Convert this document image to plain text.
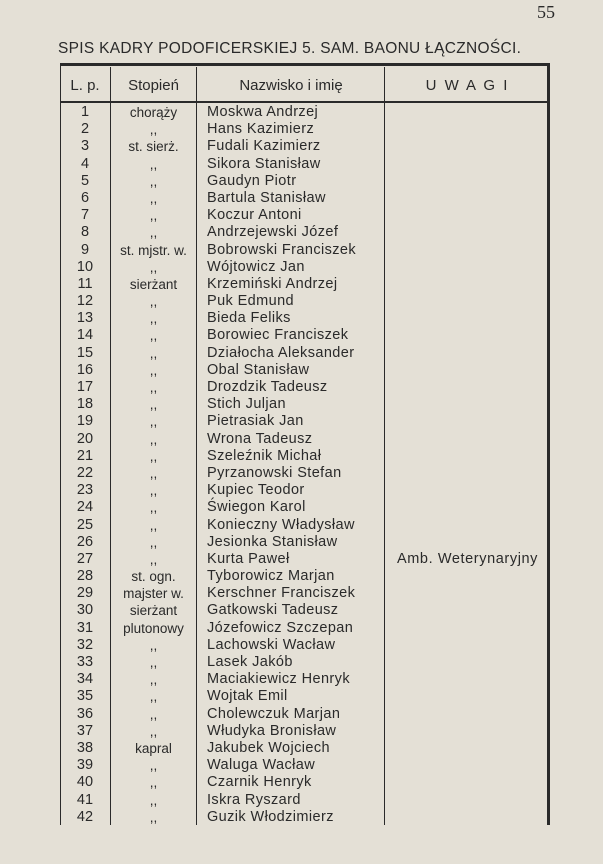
55
SPIS KADRY PODOFICERSKIEJ 5. SAM. BAONU ŁĄCZNOŚCI.
L. p.	Stopień	Nazwisko i imię	U W A G I
1	chorąży	Moskwa Andrzej
2	,,	Hans Kazimierz
3	st. sierż.	Fudali Kazimierz
4	,,	Sikora Stanisław
5	,,	Gaudyn Piotr
6	,,	Bartula Stanisław
7	,,	Koczur Antoni
8	,,	Andrzejewski Józef
9	st. mjstr. w.	Bobrowski Franciszek
10	,,	Wójtowicz Jan
11	sierżant	Krzemiński Andrzej
12	,,	Puk Edmund
13	,,	Bieda Feliks
14	,,	Borowiec Franciszek
15	,,	Działocha Aleksander
16	,,	Obal Stanisław
17	,,	Drozdzik Tadeusz
18	,,	Stich Juljan
19	,,	Pietrasiak Jan
20	,,	Wrona Tadeusz
21	,,	Szeleźnik Michał
22	,,	Pyrzanowski Stefan
23	,,	Kupiec Teodor
24	,,	Świegon Karol
25	,,	Konieczny Władysław
26	,,	Jesionka Stanisław
27	,,	Kurta Paweł	Amb. Weterynaryjny
28	st. ogn.	Tyborowicz Marjan
29	majster w.	Kerschner Franciszek
30	sierżant	Gatkowski Tadeusz
31	plutonowy	Józefowicz Szczepan
32	,,	Lachowski Wacław
33	,,	Lasek Jakób
34	,,	Maciakiewicz Henryk
35	,,	Wojtak Emil
36	,,	Cholewczuk Marjan
37	,,	Włudyka Bronisław
38	kapral	Jakubek Wojciech
39	,,	Waluga Wacław
40	,,	Czarnik Henryk
41	,,	Iskra Ryszard
42	,,	Guzik Włodzimierz
